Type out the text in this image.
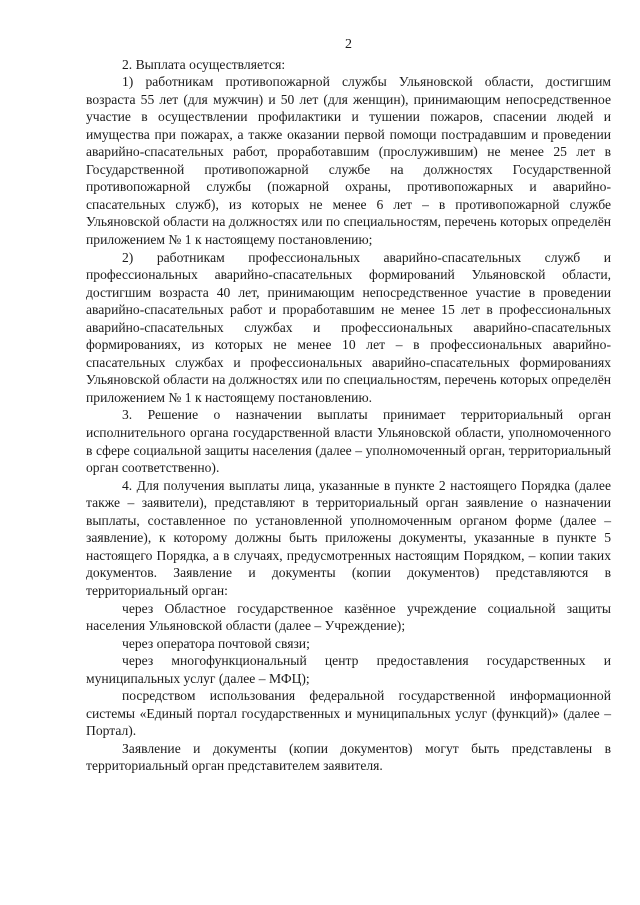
2

2. Выплата осуществляется:

1) работникам противопожарной службы Ульяновской области, достигшим возраста 55 лет (для мужчин) и 50 лет (для женщин), принимающим непосредственное участие в осуществлении профилактики и тушении пожаров, спасении людей и имущества при пожарах, а также оказании первой помощи пострадавшим и проведении аварийно-спасательных работ, проработавшим (прослужившим) не менее 25 лет в Государственной противопожарной службе на должностях Государственной противопожарной службы (пожарной охраны, противопожарных и аварийно-спасательных служб), из которых не менее 6 лет – в противопожарной службе Ульяновской области на должностях или по специальностям, перечень которых определён приложением № 1 к настоящему постановлению;

2) работникам профессиональных аварийно-спасательных служб и профессиональных аварийно-спасательных формирований Ульяновской области, достигшим возраста 40 лет, принимающим непосредственное участие в проведении аварийно-спасательных работ и проработавшим не менее 15 лет в профессиональных аварийно-спасательных службах и профессиональных аварийно-спасательных формированиях, из которых не менее 10 лет – в профессиональных аварийно-спасательных службах и профессиональных аварийно-спасательных формированиях Ульяновской области на должностях или по специальностям, перечень которых определён приложением № 1 к настоящему постановлению.

3. Решение о назначении выплаты принимает территориальный орган исполнительного органа государственной власти Ульяновской области, уполномоченного в сфере социальной защиты населения (далее – уполномоченный орган, территориальный орган соответственно).

4. Для получения выплаты лица, указанные в пункте 2 настоящего Порядка (далее также – заявители), представляют в территориальный орган заявление о назначении выплаты, составленное по установленной уполномоченным органом форме (далее – заявление), к которому должны быть приложены документы, указанные в пункте 5 настоящего Порядка, а в случаях, предусмотренных настоящим Порядком, – копии таких документов. Заявление и документы (копии документов) представляются в территориальный орган:

через Областное государственное казённое учреждение социальной защиты населения Ульяновской области (далее – Учреждение);

через оператора почтовой связи;

через многофункциональный центр предоставления государственных и муниципальных услуг (далее – МФЦ);

посредством использования федеральной государственной информационной системы «Единый портал государственных и муниципальных услуг (функций)» (далее – Портал).

Заявление и документы (копии документов) могут быть представлены в территориальный орган представителем заявителя.
